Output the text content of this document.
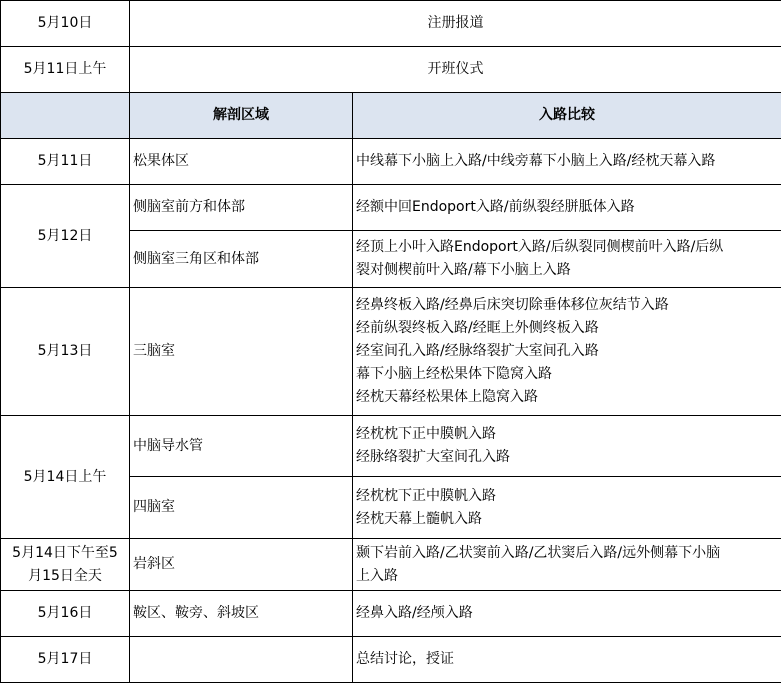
5月10日	注册报道	
5月11日上午	开班仪式	
	解剖区域	入路比较
5月11日	松果体区	中线幕下小脑上入路/中线旁幕下小脑上入路/经枕天幕入路

5月12日	侧脑室前方和体部	经额中回Endoport入路/前纵裂经胼胝体入路
	侧脑室三角区和体部	经顶上小叶入路Endoport入路/后纵裂同侧楔前叶入路/后纵
裂对侧楔前叶入路/幕下小脑上入路

5月13日	三脑室	经鼻终板入路/经鼻后床突切除垂体移位灰结节入路
经前纵裂终板入路/经眶上外侧终板入路
经室间孔入路/经脉络裂扩大室间孔入路
幕下小脑上经松果体下隐窝入路
经枕天幕经松果体上隐窝入路

5月14日上午	中脑导水管	经枕枕下正中膜帆入路
经脉络裂扩大室间孔入路

	四脑室	经枕枕下正中膜帆入路
经枕天幕上髓帆入路

5月14日下午至5
月15日全天	岩斜区	颞下岩前入路/乙状窦前入路/乙状窦后入路/远外侧幕下小脑
上入路

5月16日	鞍区、鞍旁、斜坡区	经鼻入路/经颅入路
5月17日		总结讨论，授证
